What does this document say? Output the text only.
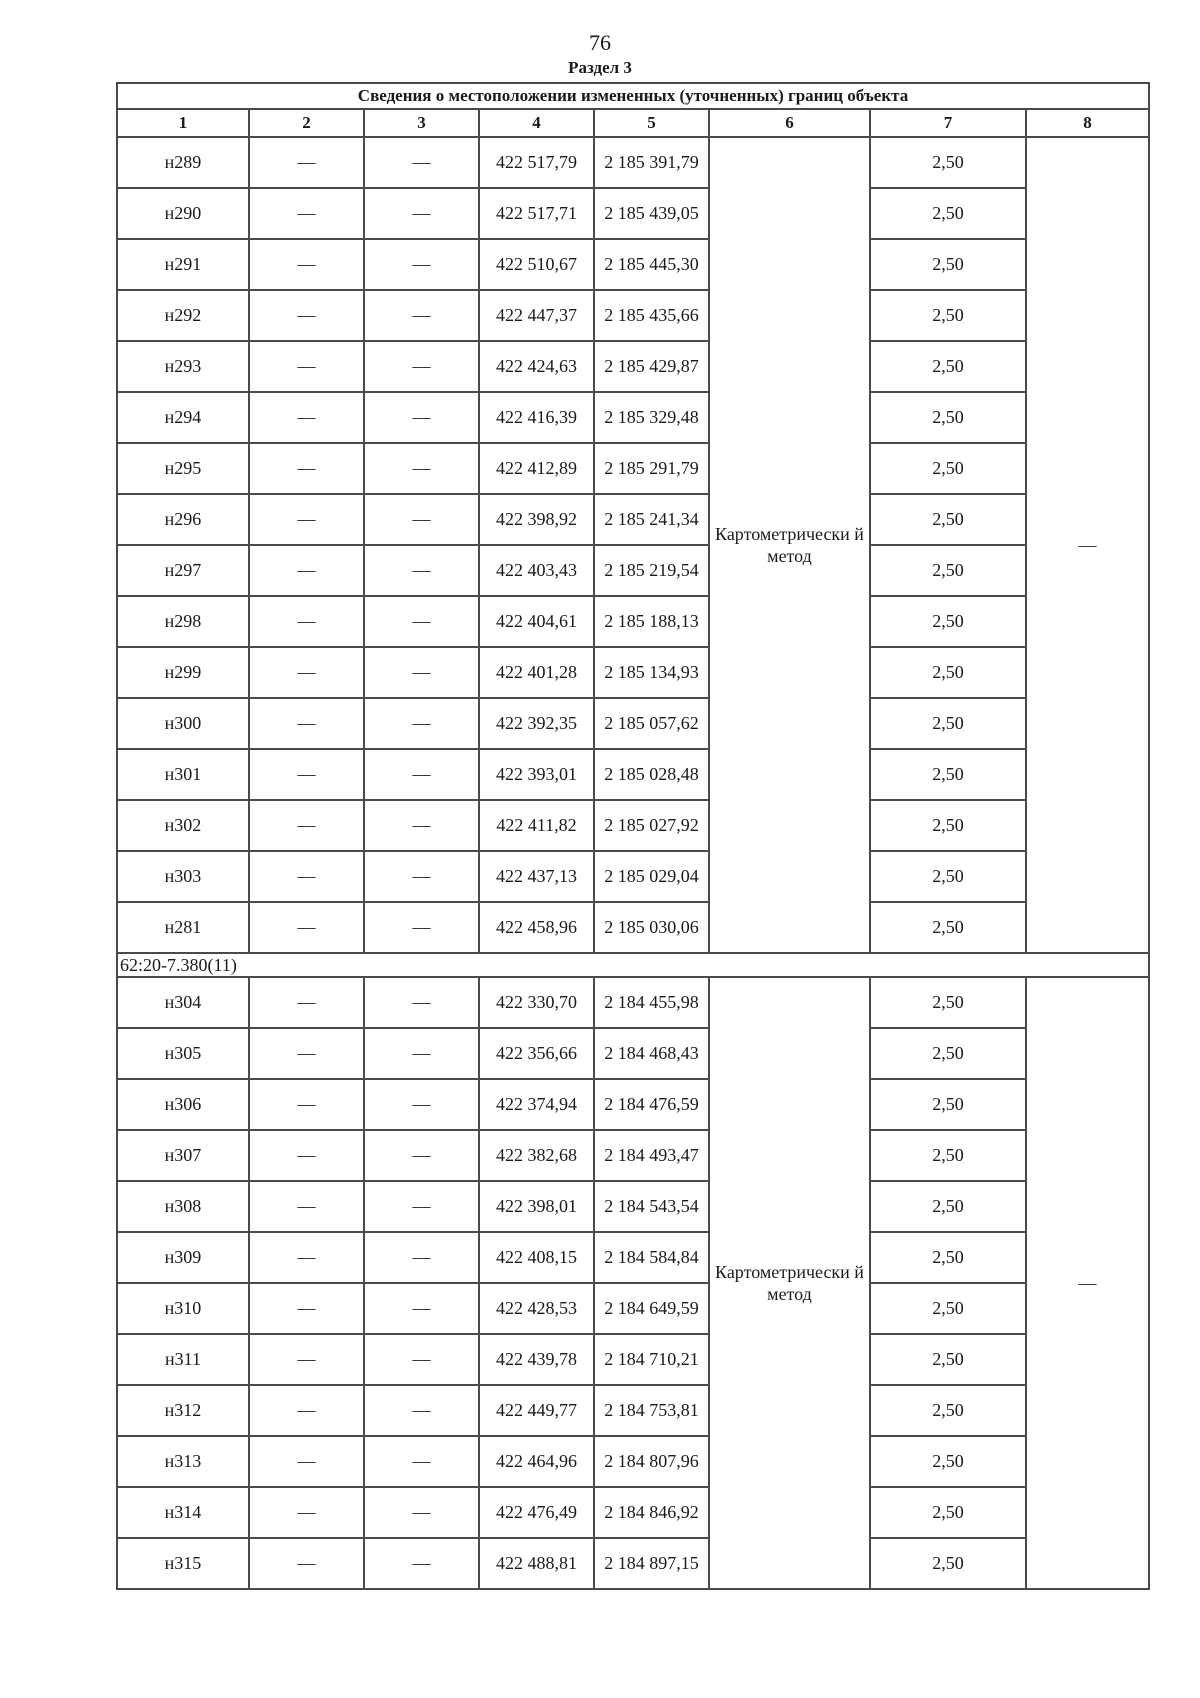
76
Раздел 3
Сведения о местоположении измененных (уточненных) границ объекта							
1	2	3	4	5	6	7	8
н289	—	—	422 517,79	2 185 391,79	Картометрически й метод	2,50	—
н290	—	—	422 517,71	2 185 439,05		2,50	
н291	—	—	422 510,67	2 185 445,30		2,50	
н292	—	—	422 447,37	2 185 435,66		2,50	
н293	—	—	422 424,63	2 185 429,87		2,50	
н294	—	—	422 416,39	2 185 329,48		2,50	
н295	—	—	422 412,89	2 185 291,79		2,50	
н296	—	—	422 398,92	2 185 241,34		2,50	
н297	—	—	422 403,43	2 185 219,54		2,50	
н298	—	—	422 404,61	2 185 188,13		2,50	
н299	—	—	422 401,28	2 185 134,93		2,50	
н300	—	—	422 392,35	2 185 057,62		2,50	
н301	—	—	422 393,01	2 185 028,48		2,50	
н302	—	—	422 411,82	2 185 027,92		2,50	
н303	—	—	422 437,13	2 185 029,04		2,50	
н281	—	—	422 458,96	2 185 030,06		2,50	
62:20-7.380(11)							
н304	—	—	422 330,70	2 184 455,98	Картометрически й метод	2,50	—
н305	—	—	422 356,66	2 184 468,43		2,50	
н306	—	—	422 374,94	2 184 476,59		2,50	
н307	—	—	422 382,68	2 184 493,47		2,50	
н308	—	—	422 398,01	2 184 543,54		2,50	
н309	—	—	422 408,15	2 184 584,84		2,50	
н310	—	—	422 428,53	2 184 649,59		2,50	
н311	—	—	422 439,78	2 184 710,21		2,50	
н312	—	—	422 449,77	2 184 753,81		2,50	
н313	—	—	422 464,96	2 184 807,96		2,50	
н314	—	—	422 476,49	2 184 846,92		2,50	
н315	—	—	422 488,81	2 184 897,15		2,50	
